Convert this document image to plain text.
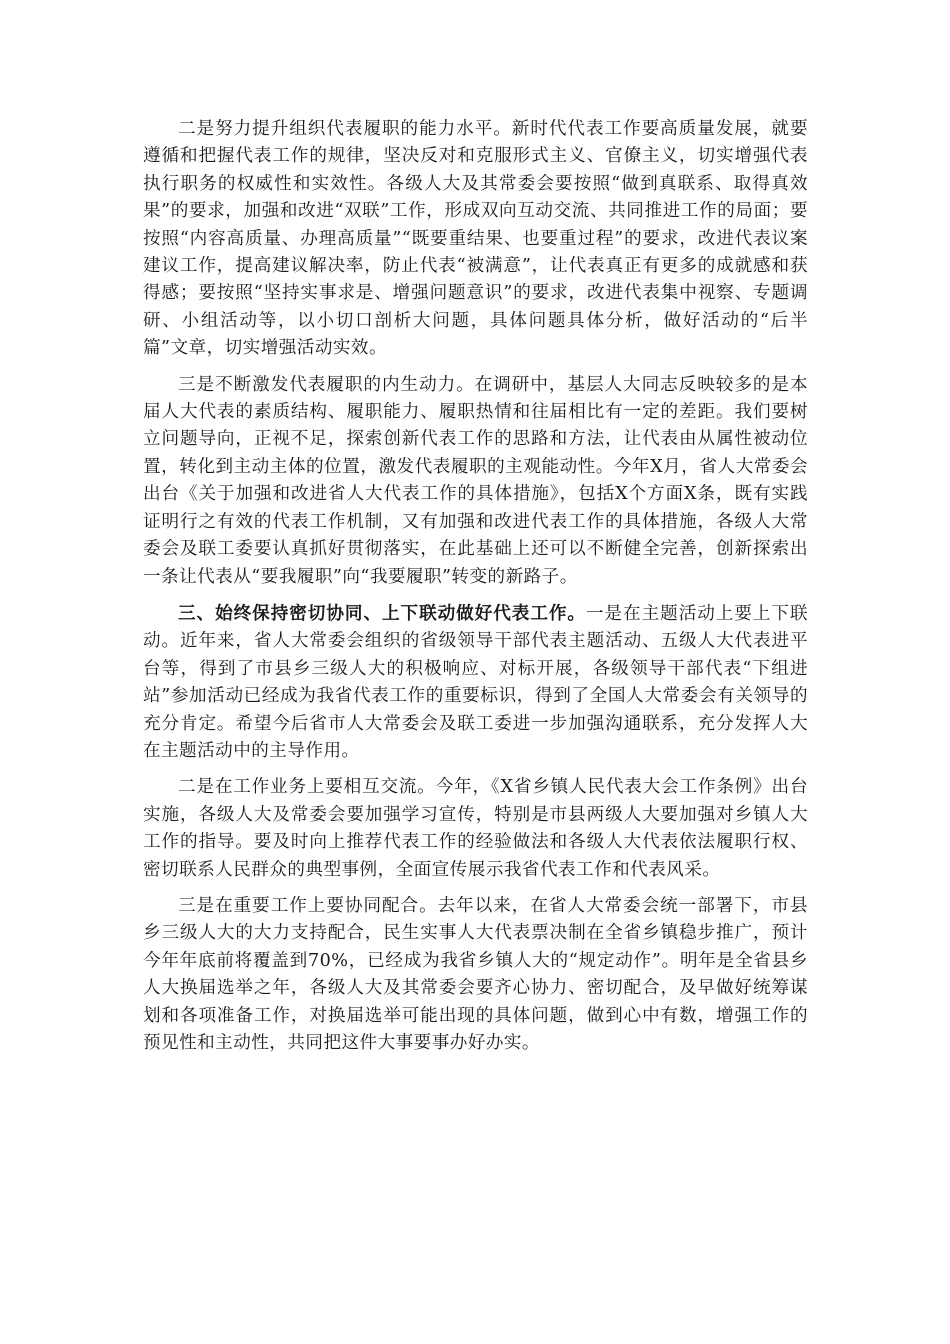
二是努力提升组织代表履职的能力水平。新时代代表工作要高质量发展，就要遵循和把握代表工作的规律，坚决反对和克服形式主义、官僚主义，切实增强代表执行职务的权威性和实效性。各级人大及其常委会要按照“做到真联系、取得真效果”的要求，加强和改进“双联”工作，形成双向互动交流、共同推进工作的局面；要按照“内容高质量、办理高质量”“既要重结果、也要重过程”的要求，改进代表议案建议工作，提高建议解决率，防止代表“被满意”，让代表真正有更多的成就感和获得感；要按照“坚持实事求是、增强问题意识”的要求，改进代表集中视察、专题调研、小组活动等，以小切口剖析大问题，具体问题具体分析，做好活动的“后半篇”文章，切实增强活动实效。

三是不断激发代表履职的内生动力。在调研中，基层人大同志反映较多的是本届人大代表的素质结构、履职能力、履职热情和往届相比有一定的差距。我们要树立问题导向，正视不足，探索创新代表工作的思路和方法，让代表由从属性被动位置，转化到主动主体的位置，激发代表履职的主观能动性。今年X月，省人大常委会出台《关于加强和改进省人大代表工作的具体措施》，包括X个方面X条，既有实践证明行之有效的代表工作机制，又有加强和改进代表工作的具体措施，各级人大常委会及联工委要认真抓好贯彻落实，在此基础上还可以不断健全完善，创新探索出一条让代表从“要我履职”向“我要履职”转变的新路子。

三、始终保持密切协同、上下联动做好代表工作。一是在主题活动上要上下联动。近年来，省人大常委会组织的省级领导干部代表主题活动、五级人大代表进平台等，得到了市县乡三级人大的积极响应、对标开展，各级领导干部代表“下组进站”参加活动已经成为我省代表工作的重要标识，得到了全国人大常委会有关领导的充分肯定。希望今后省市人大常委会及联工委进一步加强沟通联系，充分发挥人大在主题活动中的主导作用。

二是在工作业务上要相互交流。今年，《X省乡镇人民代表大会工作条例》出台实施，各级人大及常委会要加强学习宣传，特别是市县两级人大要加强对乡镇人大工作的指导。要及时向上推荐代表工作的经验做法和各级人大代表依法履职行权、密切联系人民群众的典型事例，全面宣传展示我省代表工作和代表风采。

三是在重要工作上要协同配合。去年以来，在省人大常委会统一部署下，市县乡三级人大的大力支持配合，民生实事人大代表票决制在全省乡镇稳步推广，预计今年年底前将覆盖到70%，已经成为我省乡镇人大的“规定动作”。明年是全省县乡人大换届选举之年，各级人大及其常委会要齐心协力、密切配合，及早做好统筹谋划和各项准备工作，对换届选举可能出现的具体问题，做到心中有数，增强工作的预见性和主动性，共同把这件大事要事办好办实。
